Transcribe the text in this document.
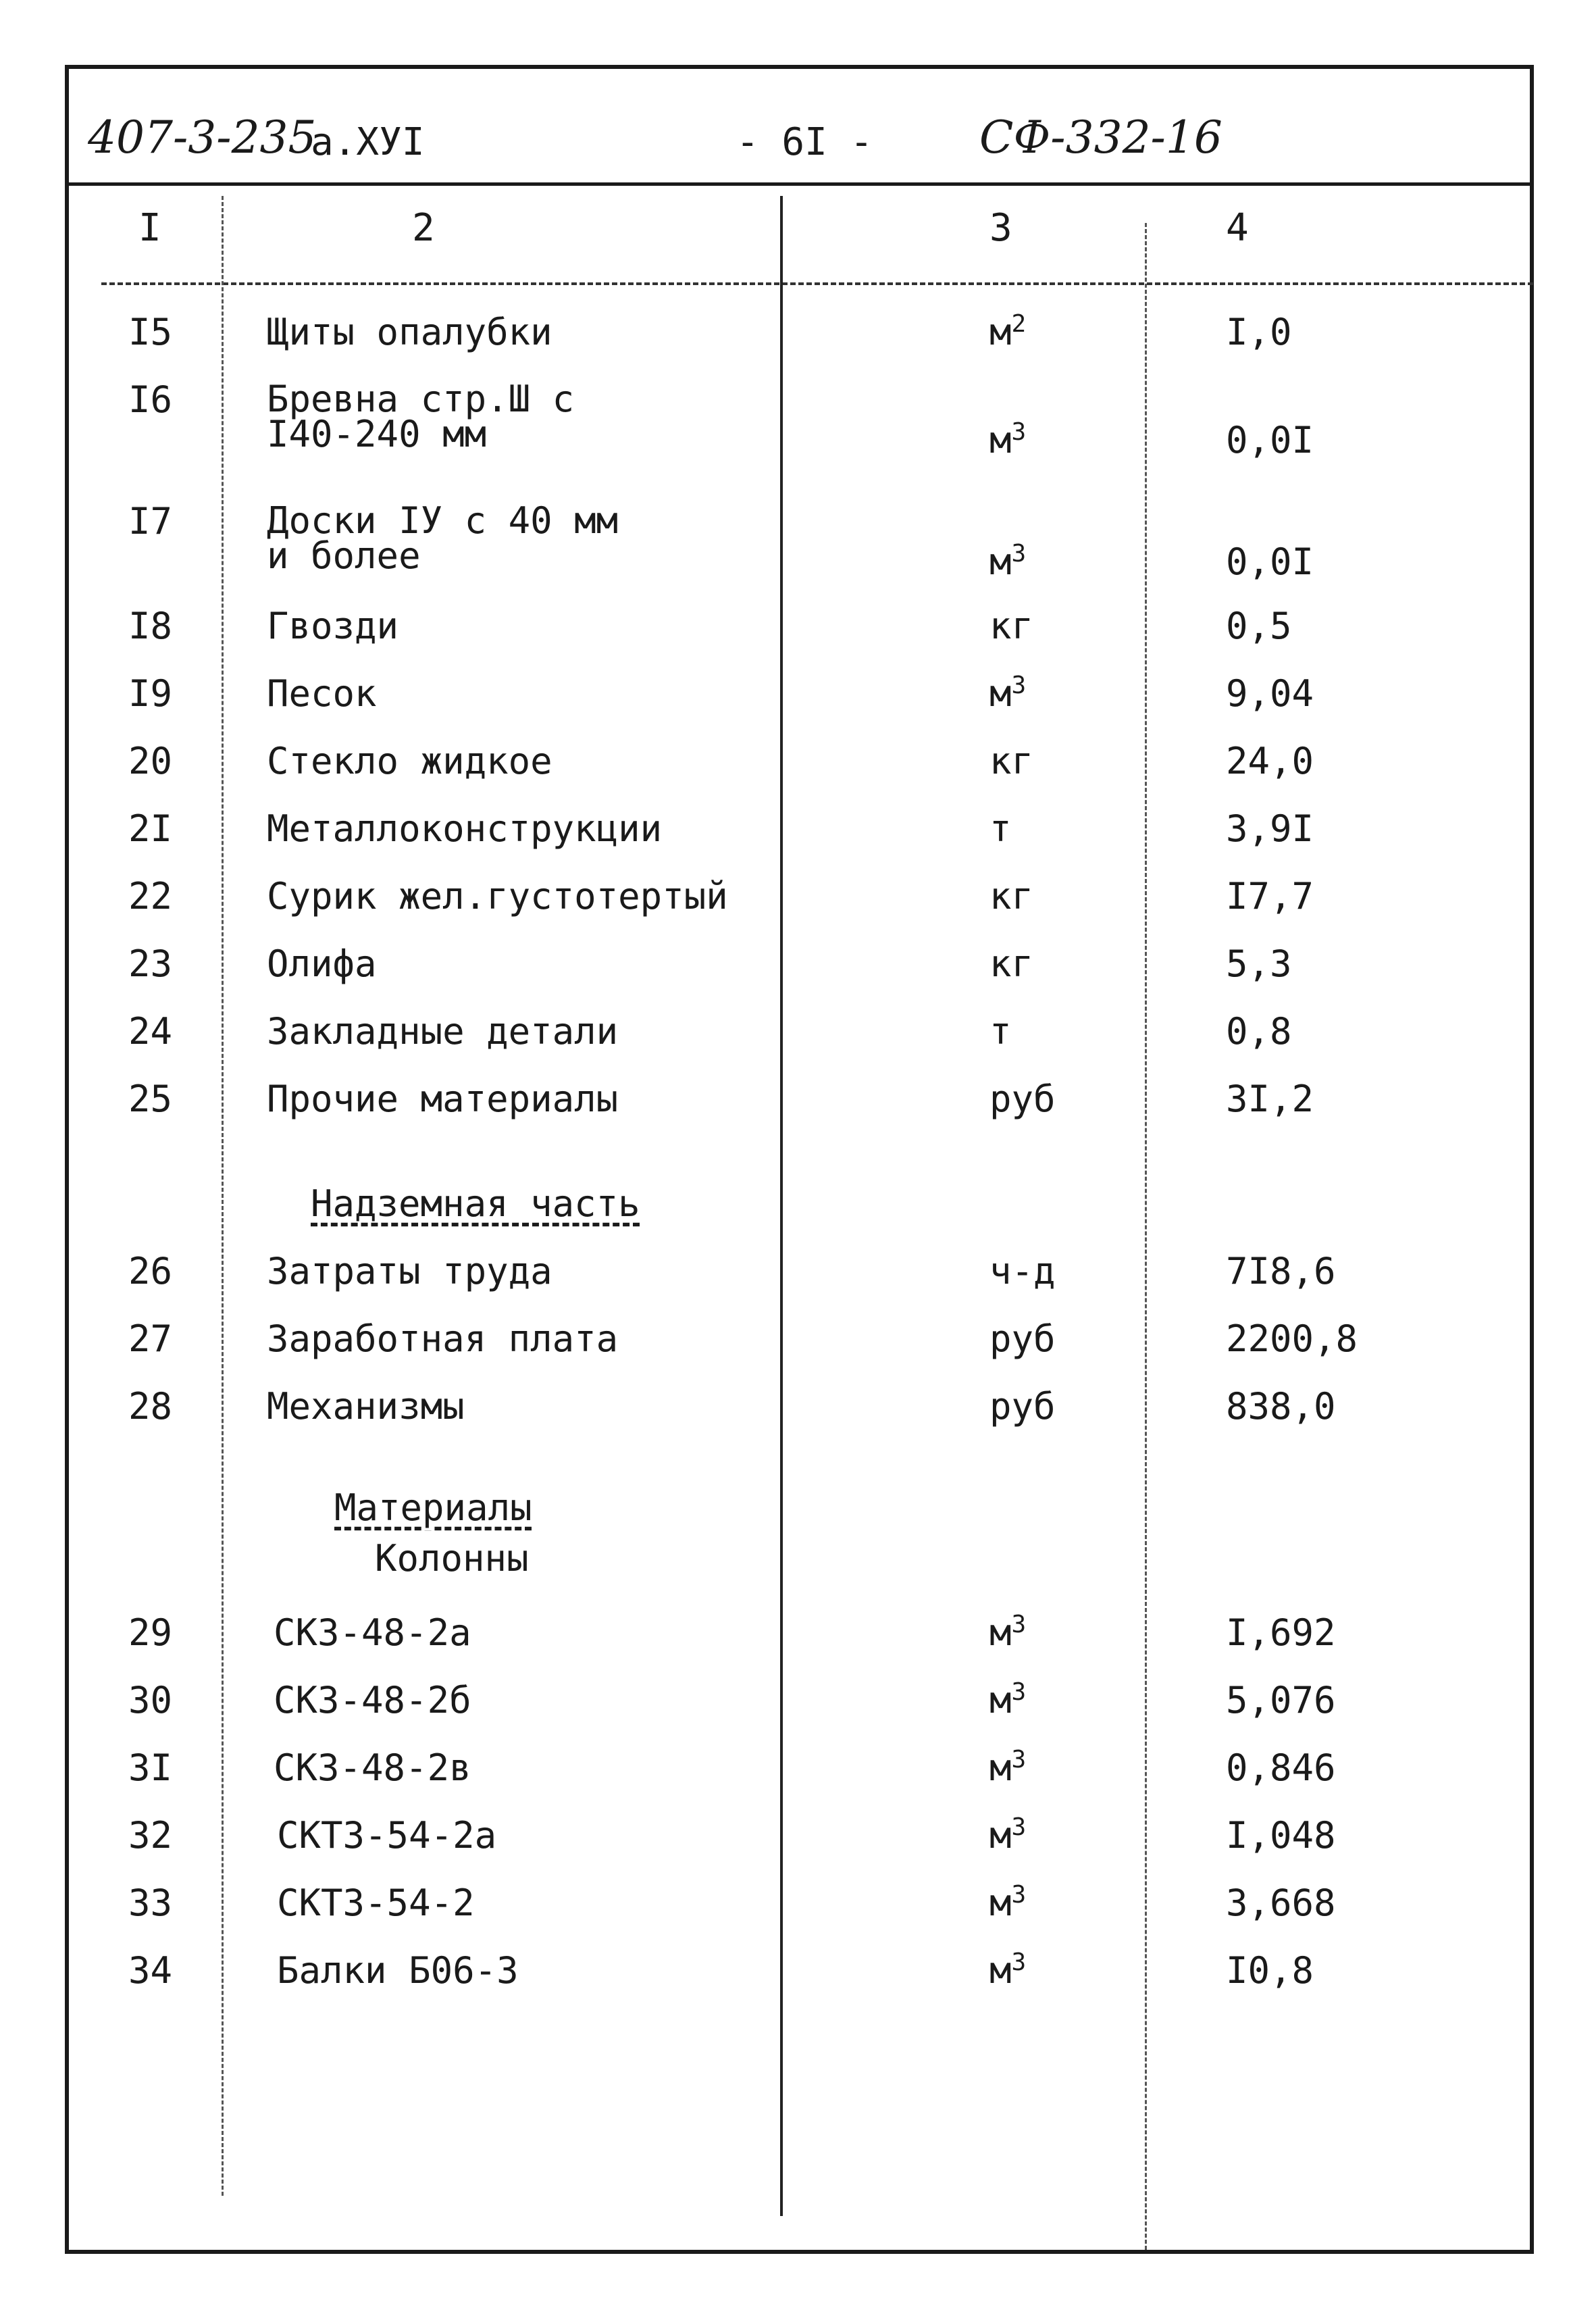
407-3-235
а.ХУI	- 6I - СФ-332-16
I	2	3	4
I5	Щиты опалубки	$м^2$	I,0
I6	Бревна стр.Ш с
I40-240 мм	$м^3$	0,0I
I7	Доски IУ с 40 мм
и более	$м^3$	0,0I
I8	Гвозди	кг	0,5
I9	Песок	$м^3$	9,04
20	Стекло жидкое	кг	24,0
2I	Металлоконструкции	т	3,9I
22	Сурик жел.густотертый	кг	I7,7
23	Олифа	кг	5,3
24	Закладные детали	т	0,8
25	Прочие материалы	руб	3I,2
Надземная часть
26	Затраты труда	ч-д	7I8,6
27	Заработная плата	руб	2200,8
28	Механизмы	руб	838,0
Материалы
Колонны
29	СК3-48-2а	$м^3$	I,692
30	СК3-48-2б	$м^3$	5,076
3I	СК3-48-2в	$м^3$	0,846
32	СКТ3-54-2а	$м^3$	I,048
33	СКТ3-54-2	$м^3$	3,668
34	Балки Б06-3	$м^3$	I0,8
